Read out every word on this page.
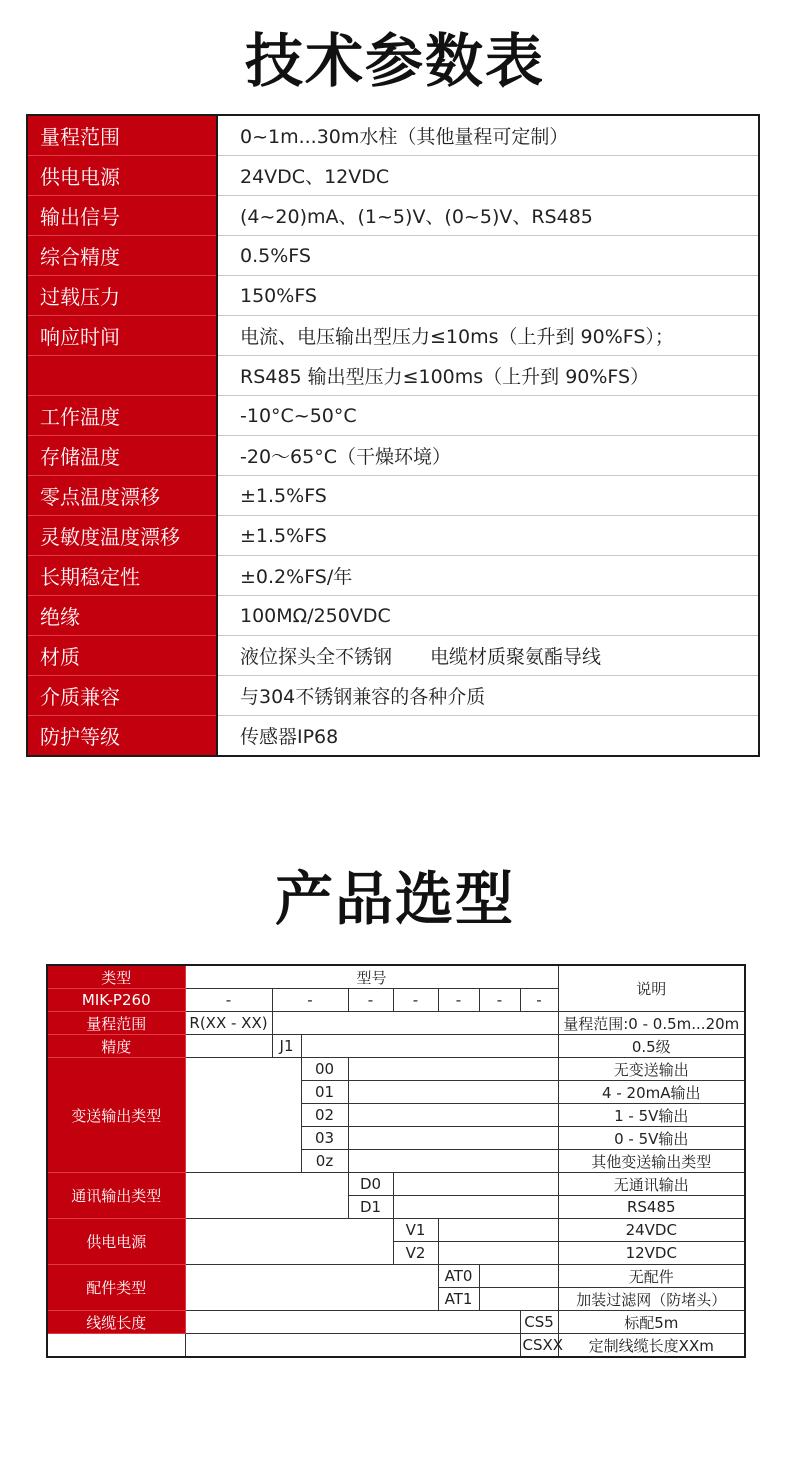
技术参数表
量程范围	0~1m...30m水柱（其他量程可定制）
供电电源	24VDC、12VDC
输出信号	(4~20)mA、(1~5)V、(0~5)V、RS485
综合精度	0.5%FS
过载压力	150%FS
响应时间	电流、电压输出型压力≤10ms（上升到 90%FS）；
	RS485 输出型压力≤100ms（上升到 90%FS）
工作温度	-10°C~50°C
存储温度	-20～65°C（干燥环境）
零点温度漂移	±1.5%FS
灵敏度温度漂移	±1.5%FS
长期稳定性	±0.2%FS/年
绝缘	100MΩ/250VDC
材质	液位探头全不锈钢　　电缆材质聚氨酯导线
介质兼容	与304不锈钢兼容的各种介质
防护等级	传感器IP68
产品选型
类型	型号								说明
MIK-P260	-	-		-	-	-	-	-	
量程范围	R(XX - XX)								量程范围:0 - 0.5m...20m
精度		J1							0.5级
变送输出类型			00						无变送输出
			01						4 - 20mA输出
			02						1 - 5V输出
			03						0 - 5V输出
			0z						其他变送输出类型
通讯输出类型				D0					无通讯输出
				D1					RS485
供电电源					V1				24VDC
					V2				12VDC
配件类型						AT0			无配件
						AT1			加装过滤网（防堵头）
线缆长度								CS5	标配5m
								CSXX	定制线缆长度XXm
